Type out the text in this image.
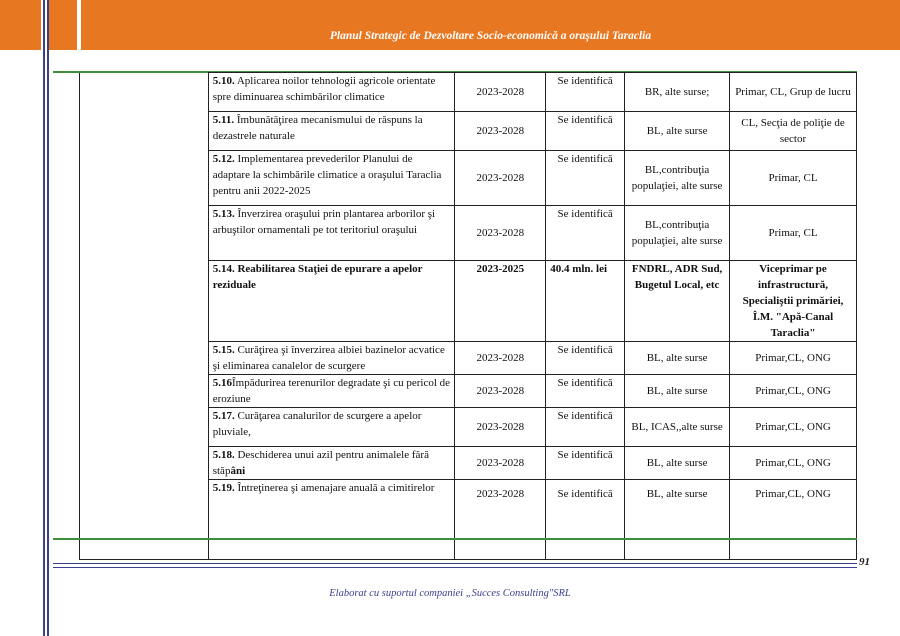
Planul Strategic de Dezvoltare Socio-economică a oraşului Taraclia
	5.10. Aplicarea noilor tehnologii agricole orientate spre diminuarea schimbărilor climatice	2023-2028	Se identifică	BR, alte surse;	Primar, CL, Grup de lucru
	5.11. Îmbunătăţirea mecanismului de răspuns la dezastrele naturale	2023-2028	Se identifică	BL, alte surse	CL, Secţia de poliţie de sector
	5.12. Implementarea prevederilor Planului de adaptare la schimbările climatice a oraşului Taraclia pentru anii 2022-2025	2023-2028	Se identifică	BL,contribuţia populaţiei, alte surse	Primar, CL
	5.13. Înverzirea oraşului prin plantarea arborilor şi arbuştilor ornamentali pe tot teritoriul oraşului	2023-2028	Se identifică	BL,contribuţia populaţiei, alte surse	Primar, CL
	5.14. Reabilitarea Staţiei de epurare a apelor reziduale	2023-2025	40.4 mln. lei	FNDRL, ADR Sud, Bugetul Local, etc	Viceprimar pe infrastructură, Specialiştii primăriei, Î.M. "Apă-Canal Taraclia"
	5.15. Curăţirea şi înverzirea albiei bazinelor acvatice şi eliminarea canalelor de scurgere	2023-2028	Se identifică	BL, alte surse	Primar,CL, ONG
	5.16Împădurirea terenurilor degradate şi cu pericol de eroziune	2023-2028	Se identifică	BL, alte surse	Primar,CL, ONG
	5.17. Curăţarea canalurilor de scurgere a apelor pluviale,	2023-2028	Se identifică	BL, ICAS,,alte surse	Primar,CL, ONG
	5.18. Deschiderea unui azil pentru animalele fără stăpâni	2023-2028	Se identifică	BL, alte surse	Primar,CL, ONG
	5.19. Întreţinerea şi amenajare anuală a cimitirelor	2023-2028	Se identifică	BL, alte surse	Primar,CL, ONG
91
Elaborat cu suportul companiei „Succes Consulting"SRL
